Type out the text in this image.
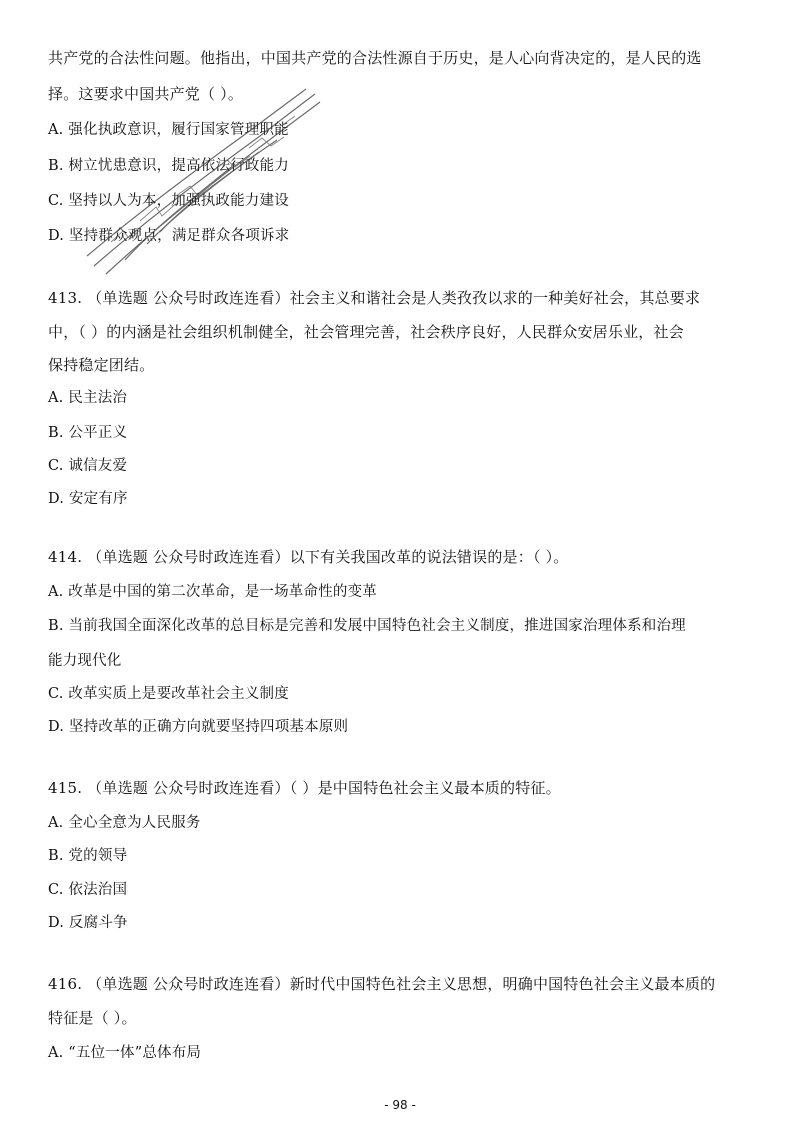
共产党的合法性问题。他指出，中国共产党的合法性源自于历史，是人心向背决定的，是人民的选
择。这要求中国共产党（ ）。
A. 强化执政意识，履行国家管理职能
B. 树立忧患意识，提高依法行政能力
C. 坚持以人为本，加强执政能力建设
D. 坚持群众观点，满足群众各项诉求
413. （单选题 公众号时政连连看）社会主义和谐社会是人类孜孜以求的一种美好社会，其总要求
中，（ ）的内涵是社会组织机制健全，社会管理完善，社会秩序良好，人民群众安居乐业，社会
保持稳定团结。
A. 民主法治
B. 公平正义
C. 诚信友爱
D. 安定有序
414. （单选题 公众号时政连连看）以下有关我国改革的说法错误的是：（ ）。
A. 改革是中国的第二次革命，是一场革命性的变革
B. 当前我国全面深化改革的总目标是完善和发展中国特色社会主义制度，推进国家治理体系和治理
能力现代化
C. 改革实质上是要改革社会主义制度
D. 坚持改革的正确方向就要坚持四项基本原则
415. （单选题 公众号时政连连看）（ ）是中国特色社会主义最本质的特征。
A. 全心全意为人民服务
B. 党的领导
C. 依法治国
D. 反腐斗争
416. （单选题 公众号时政连连看）新时代中国特色社会主义思想，明确中国特色社会主义最本质的
特征是（ ）。
A. “五位一体”总体布局
- 98 -
